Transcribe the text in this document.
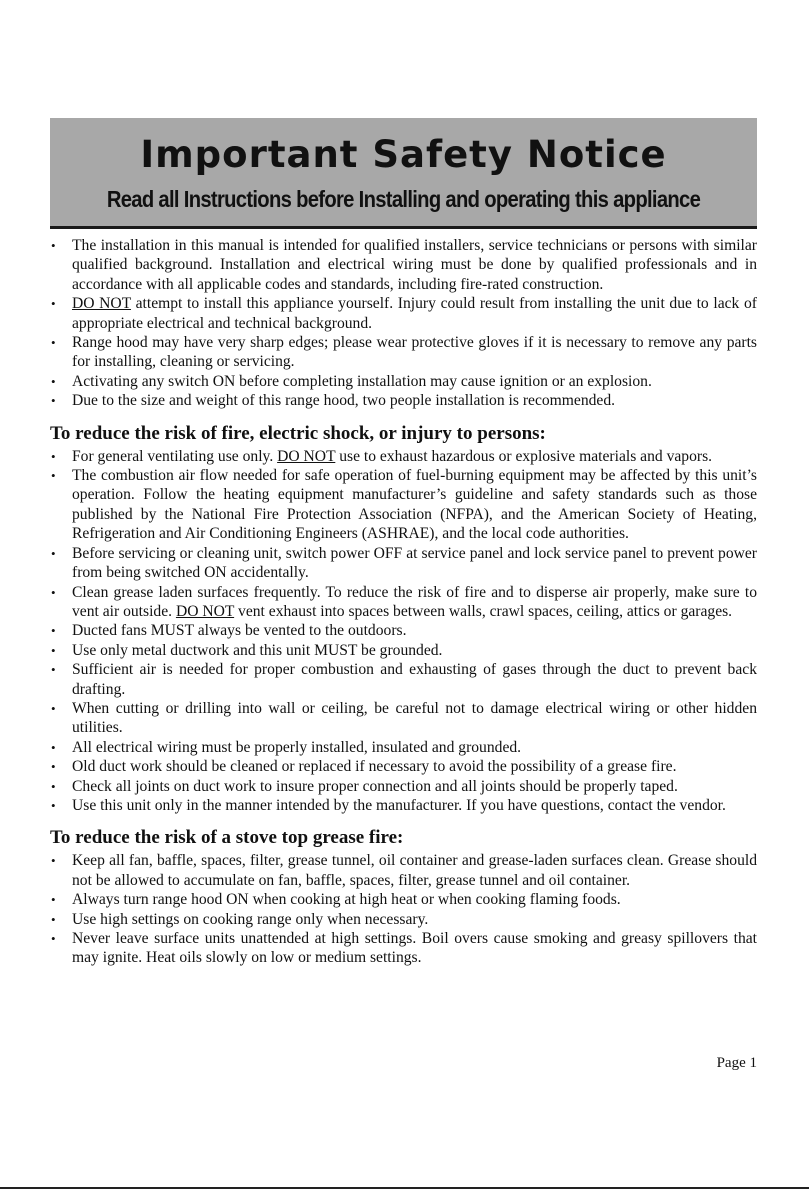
Important Safety Notice
Read all Instructions before Installing and operating this appliance
• The installation in this manual is intended for qualified installers, service technicians or persons with similar qualified background. Installation and electrical wiring must be done by qualified professionals and in accordance with all applicable codes and standards, including fire-rated construction.
• DO NOT attempt to install this appliance yourself. Injury could result from installing the unit due to lack of appropriate electrical and technical background.
• Range hood may have very sharp edges; please wear protective gloves if it is necessary to remove any parts for installing, cleaning or servicing.
• Activating any switch ON before completing installation may cause ignition or an explosion.
• Due to the size and weight of this range hood, two people installation is recommended.
To reduce the risk of fire, electric shock, or injury to persons:
• For general ventilating use only. DO NOT use to exhaust hazardous or explosive materials and vapors.
• The combustion air flow needed for safe operation of fuel-burning equipment may be affected by this unit’s operation. Follow the heating equipment manufacturer’s guideline and safety standards such as those published by the National Fire Protection Association (NFPA), and the American Society of Heating, Refrigeration and Air Conditioning Engineers (ASHRAE), and the local code authorities.
• Before servicing or cleaning unit, switch power OFF at service panel and lock service panel to prevent power from being switched ON accidentally.
• Clean grease laden surfaces frequently. To reduce the risk of fire and to disperse air properly, make sure to vent air outside. DO NOT vent exhaust into spaces between walls, crawl spaces, ceiling, attics or garages.
• Ducted fans MUST always be vented to the outdoors.
• Use only metal ductwork and this unit MUST be grounded.
• Sufficient air is needed for proper combustion and exhausting of gases through the duct to prevent back drafting.
• When cutting or drilling into wall or ceiling, be careful not to damage electrical wiring or other hidden utilities.
• All electrical wiring must be properly installed, insulated and grounded.
• Old duct work should be cleaned or replaced if necessary to avoid the possibility of a grease fire.
• Check all joints on duct work to insure proper connection and all joints should be properly taped.
• Use this unit only in the manner intended by the manufacturer. If you have questions, contact the vendor.
To reduce the risk of a stove top grease fire:
• Keep all fan, baffle, spaces, filter, grease tunnel, oil container and grease-laden surfaces clean. Grease should not be allowed to accumulate on fan, baffle, spaces, filter, grease tunnel and oil container.
• Always turn range hood ON when cooking at high heat or when cooking flaming foods.
• Use high settings on cooking range only when necessary.
• Never leave surface units unattended at high settings. Boil overs cause smoking and greasy spillovers that may ignite. Heat oils slowly on low or medium settings.
Page 1
